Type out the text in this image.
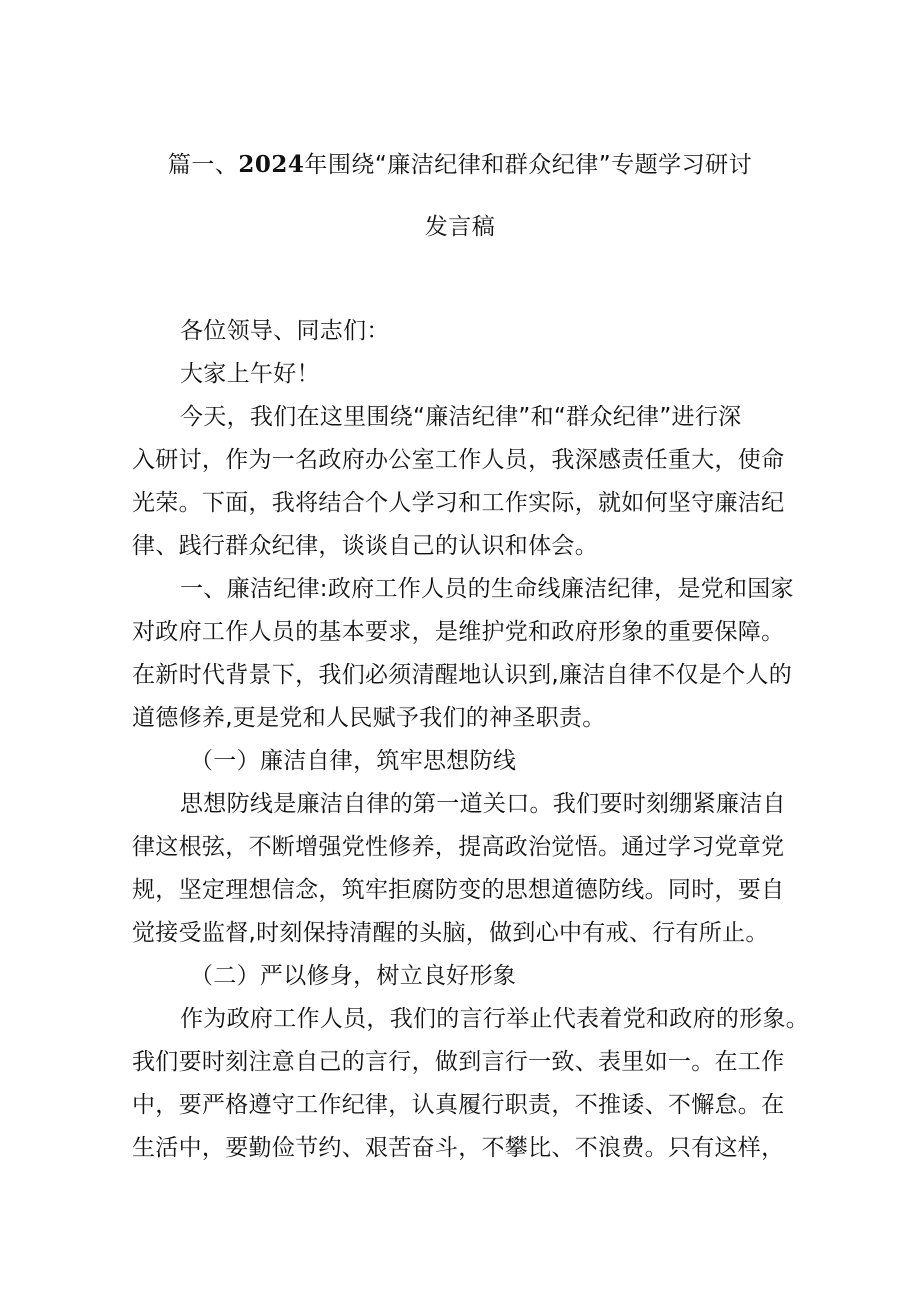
篇一、2024年围绕“廉洁纪律和群众纪律”专题学习研讨
发言稿
各位领导、同志们：
大家上午好！
今天，我们在这里围绕“廉洁纪律”和“群众纪律”进行深
入研讨，作为一名政府办公室工作人员，我深感责任重大，使命
光荣。下面，我将结合个人学习和工作实际，就如何坚守廉洁纪
律、践行群众纪律，谈谈自己的认识和体会。
一、廉洁纪律:政府工作人员的生命线廉洁纪律，是党和国家
对政府工作人员的基本要求，是维护党和政府形象的重要保障。
在新时代背景下，我们必须清醒地认识到,廉洁自律不仅是个人的
道德修养,更是党和人民赋予我们的神圣职责。
（一）廉洁自律，筑牢思想防线
思想防线是廉洁自律的第一道关口。我们要时刻绷紧廉洁自
律这根弦，不断增强党性修养，提高政治觉悟。通过学习党章党
规，坚定理想信念，筑牢拒腐防变的思想道德防线。同时，要自
觉接受监督,时刻保持清醒的头脑，做到心中有戒、行有所止。
（二）严以修身，树立良好形象
作为政府工作人员，我们的言行举止代表着党和政府的形象。
我们要时刻注意自己的言行，做到言行一致、表里如一。在工作
中，要严格遵守工作纪律，认真履行职责，不推诿、不懈怠。在
生活中，要勤俭节约、艰苦奋斗，不攀比、不浪费。只有这样，
